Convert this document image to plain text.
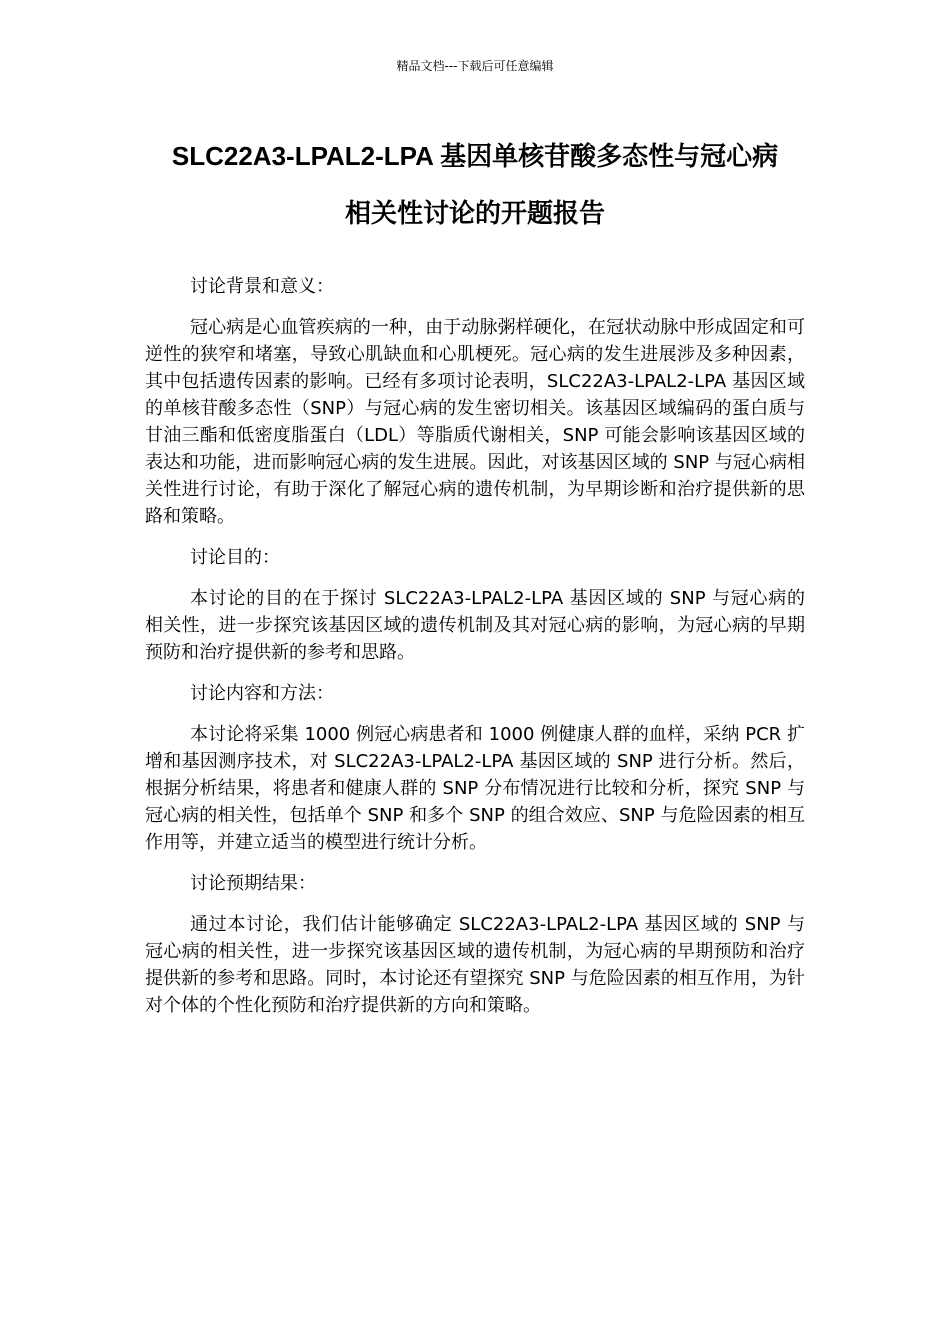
精品文档---下载后可任意编辑
SLC22A3-LPAL2-LPA 基因单核苷酸多态性与冠心病
相关性讨论的开题报告

讨论背景和意义：

冠心病是心血管疾病的一种，由于动脉粥样硬化，在冠状动脉中形成固定和可逆性的狭窄和堵塞，导致心肌缺血和心肌梗死。冠心病的发生进展涉及多种因素，其中包括遗传因素的影响。已经有多项讨论表明，SLC22A3-LPAL2-LPA 基因区域的单核苷酸多态性（SNP）与冠心病的发生密切相关。该基因区域编码的蛋白质与甘油三酯和低密度脂蛋白（LDL）等脂质代谢相关，SNP 可能会影响该基因区域的表达和功能，进而影响冠心病的发生进展。因此，对该基因区域的 SNP 与冠心病相关性进行讨论，有助于深化了解冠心病的遗传机制，为早期诊断和治疗提供新的思路和策略。

讨论目的：

本讨论的目的在于探讨 SLC22A3-LPAL2-LPA 基因区域的 SNP 与冠心病的相关性，进一步探究该基因区域的遗传机制及其对冠心病的影响，为冠心病的早期预防和治疗提供新的参考和思路。

讨论内容和方法：

本讨论将采集 1000 例冠心病患者和 1000 例健康人群的血样，采纳 PCR 扩增和基因测序技术，对 SLC22A3-LPAL2-LPA 基因区域的 SNP 进行分析。然后，根据分析结果，将患者和健康人群的 SNP 分布情况进行比较和分析，探究 SNP 与冠心病的相关性，包括单个 SNP 和多个 SNP 的组合效应、SNP 与危险因素的相互作用等，并建立适当的模型进行统计分析。

讨论预期结果：

通过本讨论，我们估计能够确定 SLC22A3-LPAL2-LPA 基因区域的 SNP 与冠心病的相关性，进一步探究该基因区域的遗传机制，为冠心病的早期预防和治疗提供新的参考和思路。同时，本讨论还有望探究 SNP 与危险因素的相互作用，为针对个体的个性化预防和治疗提供新的方向和策略。
